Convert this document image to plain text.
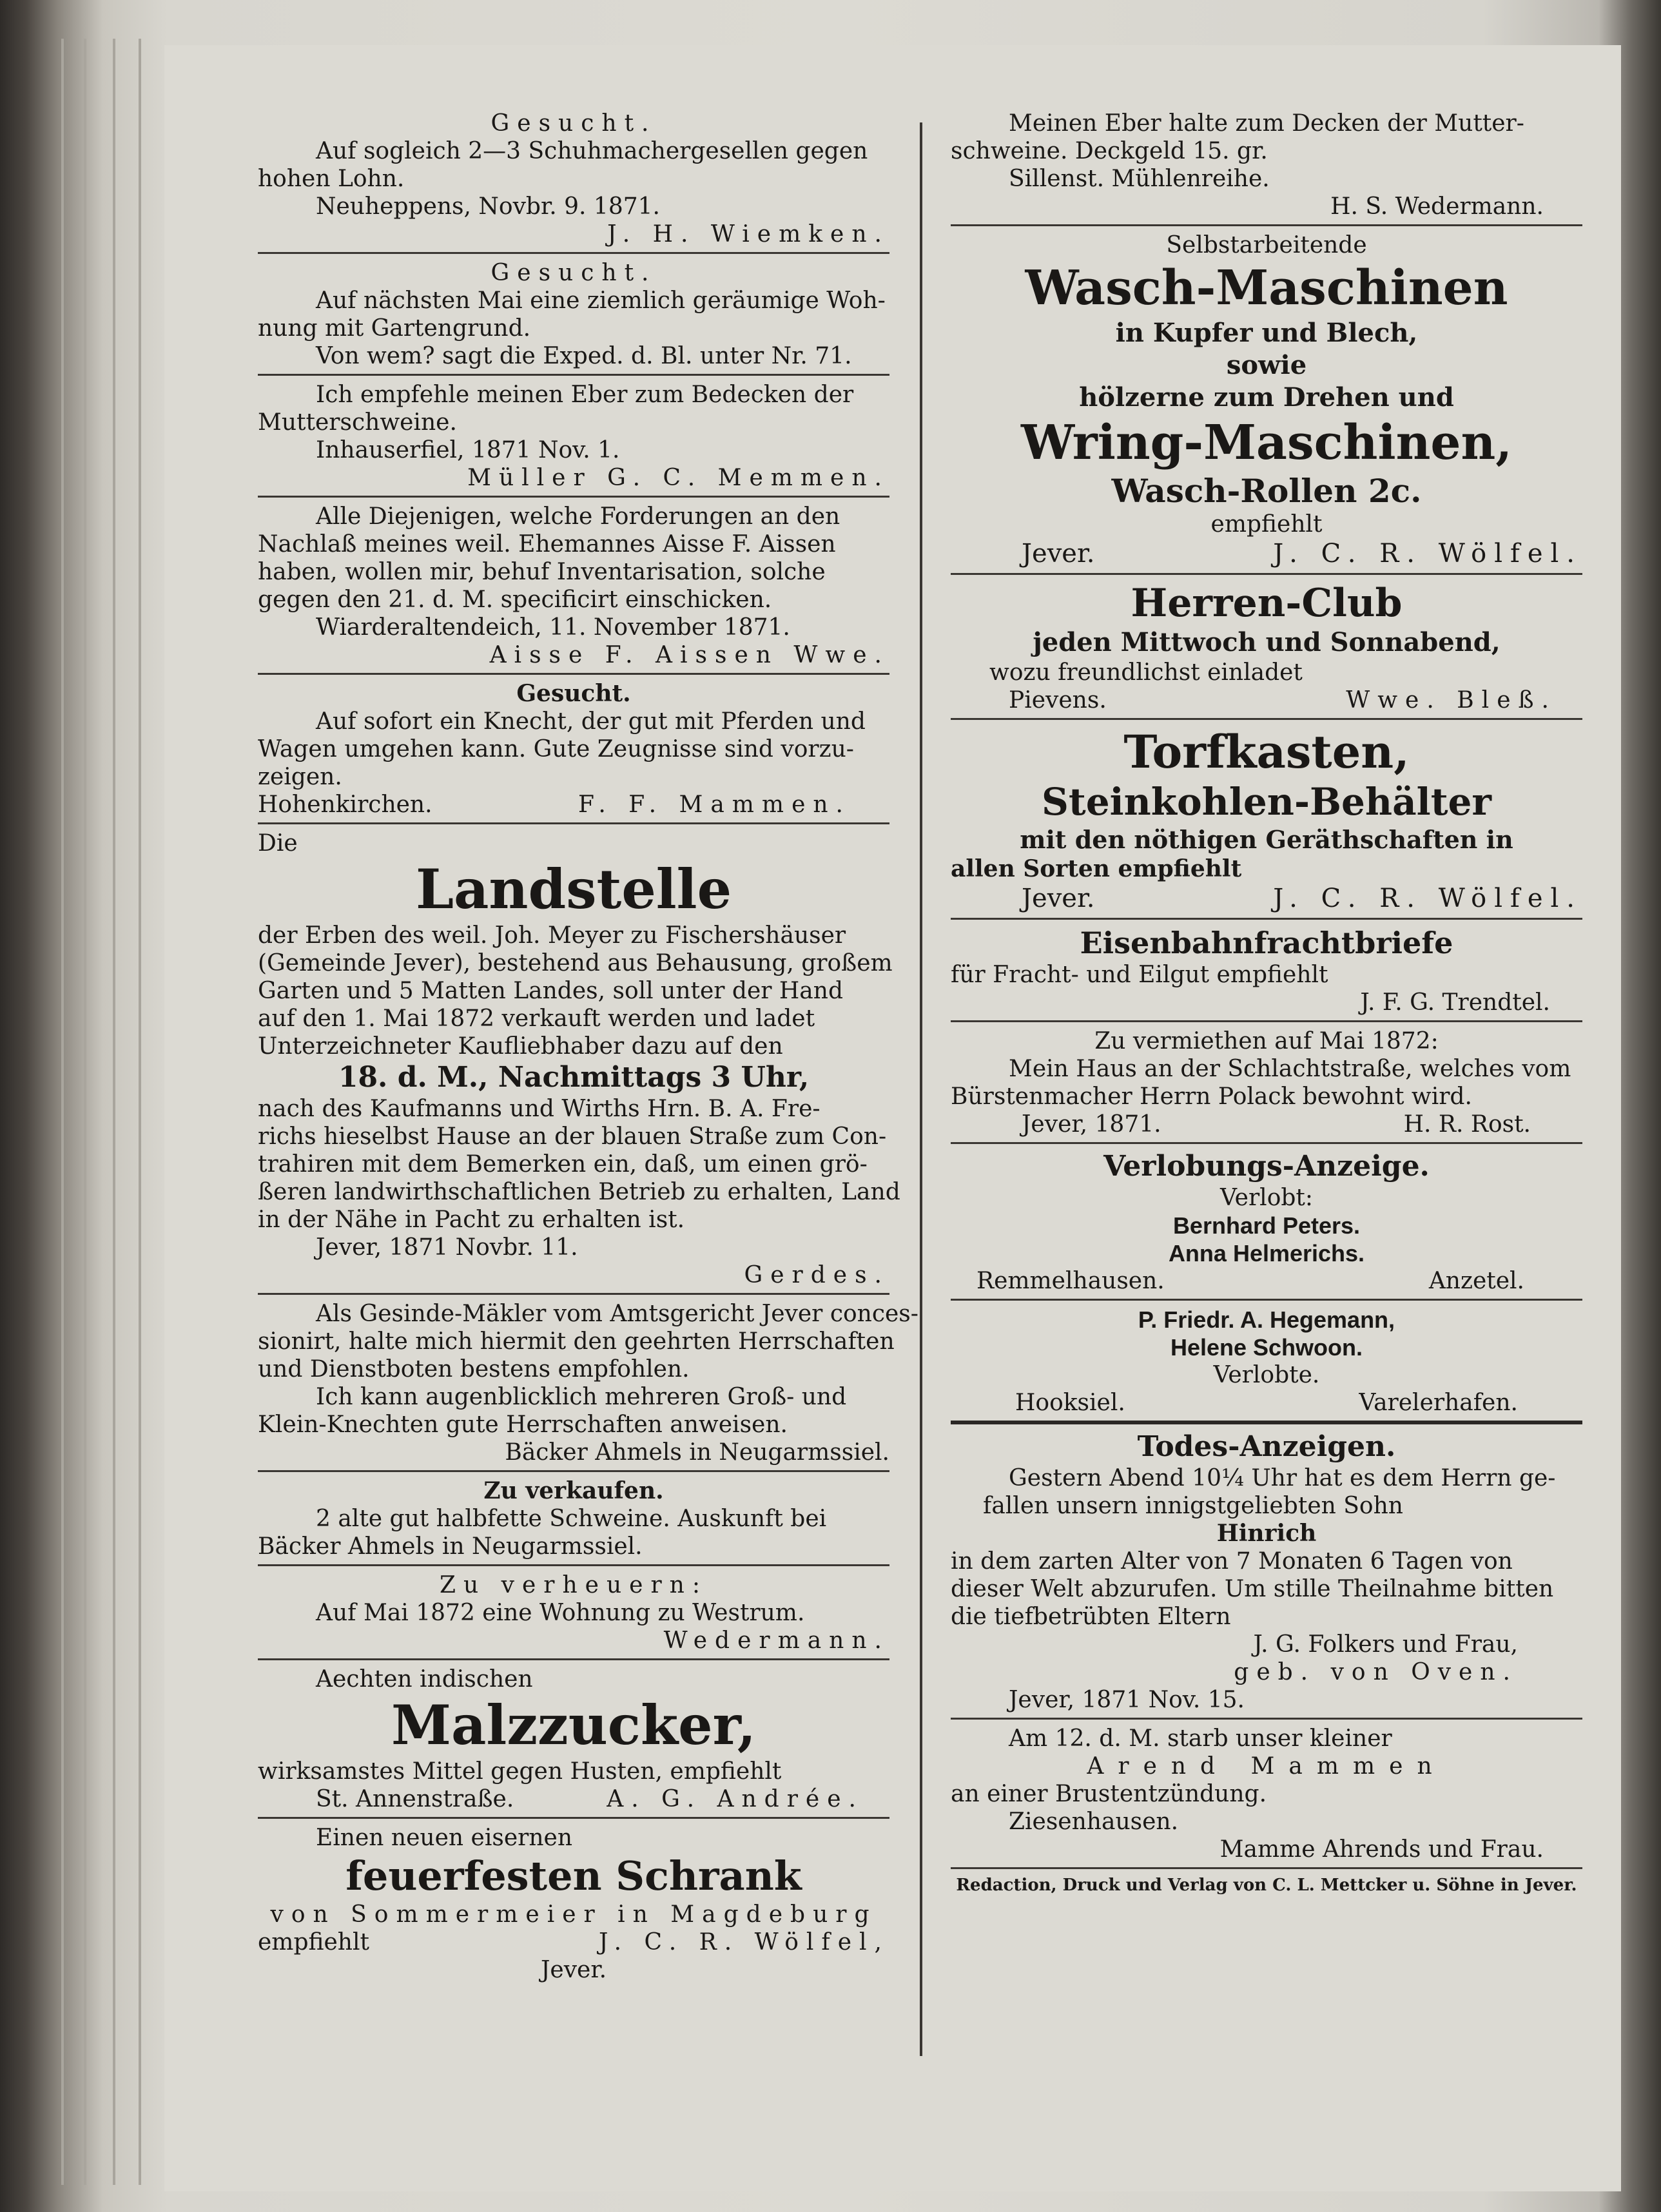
Gesucht.
Auf sogleich 2—3 Schuhmachergesellen gegen
hohen Lohn.
Neuheppens, Novbr. 9. 1871.
J. H. Wiemken.
Gesucht.
Auf nächsten Mai eine ziemlich geräumige Woh-
nung mit Gartengrund.
Von wem? sagt die Exped. d. Bl. unter Nr. 71.
Ich empfehle meinen Eber zum Bedecken der
Mutterschweine.
Inhauserfiel, 1871 Nov. 1.
Müller G. C. Memmen.
Alle Diejenigen, welche Forderungen an den
Nachlaß meines weil. Ehemannes Aisse F. Aissen
haben, wollen mir, behuf Inventarisation, solche
gegen den 21. d. M. specificirt einschicken.
Wiarderaltendeich, 11. November 1871.
Aisse F. Aissen Wwe.
Gesucht.
Auf sofort ein Knecht, der gut mit Pferden und
Wagen umgehen kann. Gute Zeugnisse sind vorzu-
zeigen.
Hohenkirchen.	F. F. Mammen.
Die
Landstelle
der Erben des weil. Joh. Meyer zu Fischershäuser
(Gemeinde Jever), bestehend aus Behausung, großem
Garten und 5 Matten Landes, soll unter der Hand
auf den 1. Mai 1872 verkauft werden und ladet
Unterzeichneter Kaufliebhaber dazu auf den
18. d. M., Nachmittags 3 Uhr,
nach des Kaufmanns und Wirths Hrn. B. A. Fre-
richs hieselbst Hause an der blauen Straße zum Con-
trahiren mit dem Bemerken ein, daß, um einen grö-
ßeren landwirthschaftlichen Betrieb zu erhalten, Land
in der Nähe in Pacht zu erhalten ist.
Jever, 1871 Novbr. 11.
Gerdes.
Als Gesinde-Mäkler vom Amtsgericht Jever conces-
sionirt, halte mich hiermit den geehrten Herrschaften
und Dienstboten bestens empfohlen.
Ich kann augenblicklich mehreren Groß- und
Klein-Knechten gute Herrschaften anweisen.
Bäcker Ahmels in Neugarmssiel.
Zu verkaufen.
2 alte gut halbfette Schweine. Auskunft bei
Bäcker Ahmels in Neugarmssiel.
Zu verheuern:
Auf Mai 1872 eine Wohnung zu Westrum.
Wedermann.
Aechten indischen
Malzzucker,
wirksamstes Mittel gegen Husten, empfiehlt
St. Annenstraße.	A. G. Andrée.
Einen neuen eisernen
feuerfesten Schrank
von Sommermeier in Magdeburg
empfiehlt	J. C. R. Wölfel,
Jever.
Meinen Eber halte zum Decken der Mutter-
schweine. Deckgeld 15. gr.
Sillenst. Mühlenreihe.
H. S. Wedermann.
Selbstarbeitende
Wasch-Maschinen
in Kupfer und Blech,
sowie
hölzerne zum Drehen und
Wring-Maschinen,
Wasch-Rollen 2c.
empfiehlt
Jever.	J. C. R. Wölfel.
Herren-Club
jeden Mittwoch und Sonnabend,
wozu freundlichst einladet
Pievens.	Wwe. Bleß.
Torfkasten,
Steinkohlen-Behälter
mit den nöthigen Geräthschaften in
allen Sorten empfiehlt
Jever.	J. C. R. Wölfel.
Eisenbahnfrachtbriefe
für Fracht- und Eilgut empfiehlt
J. F. G. Trendtel.
Zu vermiethen auf Mai 1872:
Mein Haus an der Schlachtstraße, welches vom
Bürstenmacher Herrn Polack bewohnt wird.
Jever, 1871.	H. R. Rost.
Verlobungs-Anzeige.
Verlobt:
Bernhard Peters.
Anna Helmerichs.
Remmelhausen.	Anzetel.
P. Friedr. A. Hegemann,
Helene Schwoon.
Verlobte.
Hooksiel.	Varelerhafen.
Todes-Anzeigen.
Gestern Abend 10¼ Uhr hat es dem Herrn ge-
fallen unsern innigstgeliebten Sohn
Hinrich
in dem zarten Alter von 7 Monaten 6 Tagen von
dieser Welt abzurufen. Um stille Theilnahme bitten
die tiefbetrübten Eltern
J. G. Folkers und Frau,
geb. von Oven.
Jever, 1871 Nov. 15.
Am 12. d. M. starb unser kleiner
Arend Mammen
an einer Brustentzündung.
Ziesenhausen.
Mamme Ahrends und Frau.
Redaction, Druck und Verlag von C. L. Mettcker u. Söhne in Jever.
